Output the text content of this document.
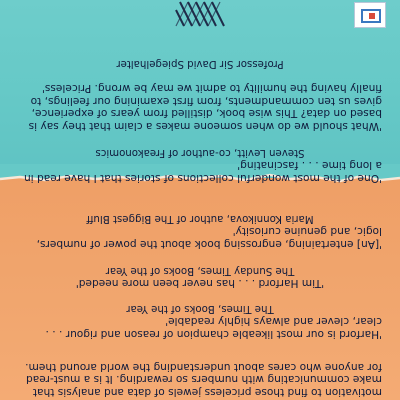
motivation to find those priceless jewels of data and analysis that make communicating with numbers so rewarding. It is a must-read for anyone who cares about understanding the world around them.
'Harford is our most likeable champion of reason and rigour . . . clear, clever and always highly readable'
The Times, Books of the Year
'Tim Harford . . . has never been more needed'
The Sunday Times, Books of the Year
'[An] entertaining, engrossing book about the power of numbers, logic, and genuine curiosity'
Maria Konnikova, author of The Biggest Bluff
'One of the most wonderful collections of stories that I have read in a long time . . . fascinating'
Steven Levitt, co-author of Freakonomics
'What should we do when someone makes a claim that they say is based on data? This wise book, distilled from years of experience, gives us ten commandments, from first examining our feelings, to finally having the humility to admit we may be wrong. Priceless'
Professor Sir David Spiegelhalter
